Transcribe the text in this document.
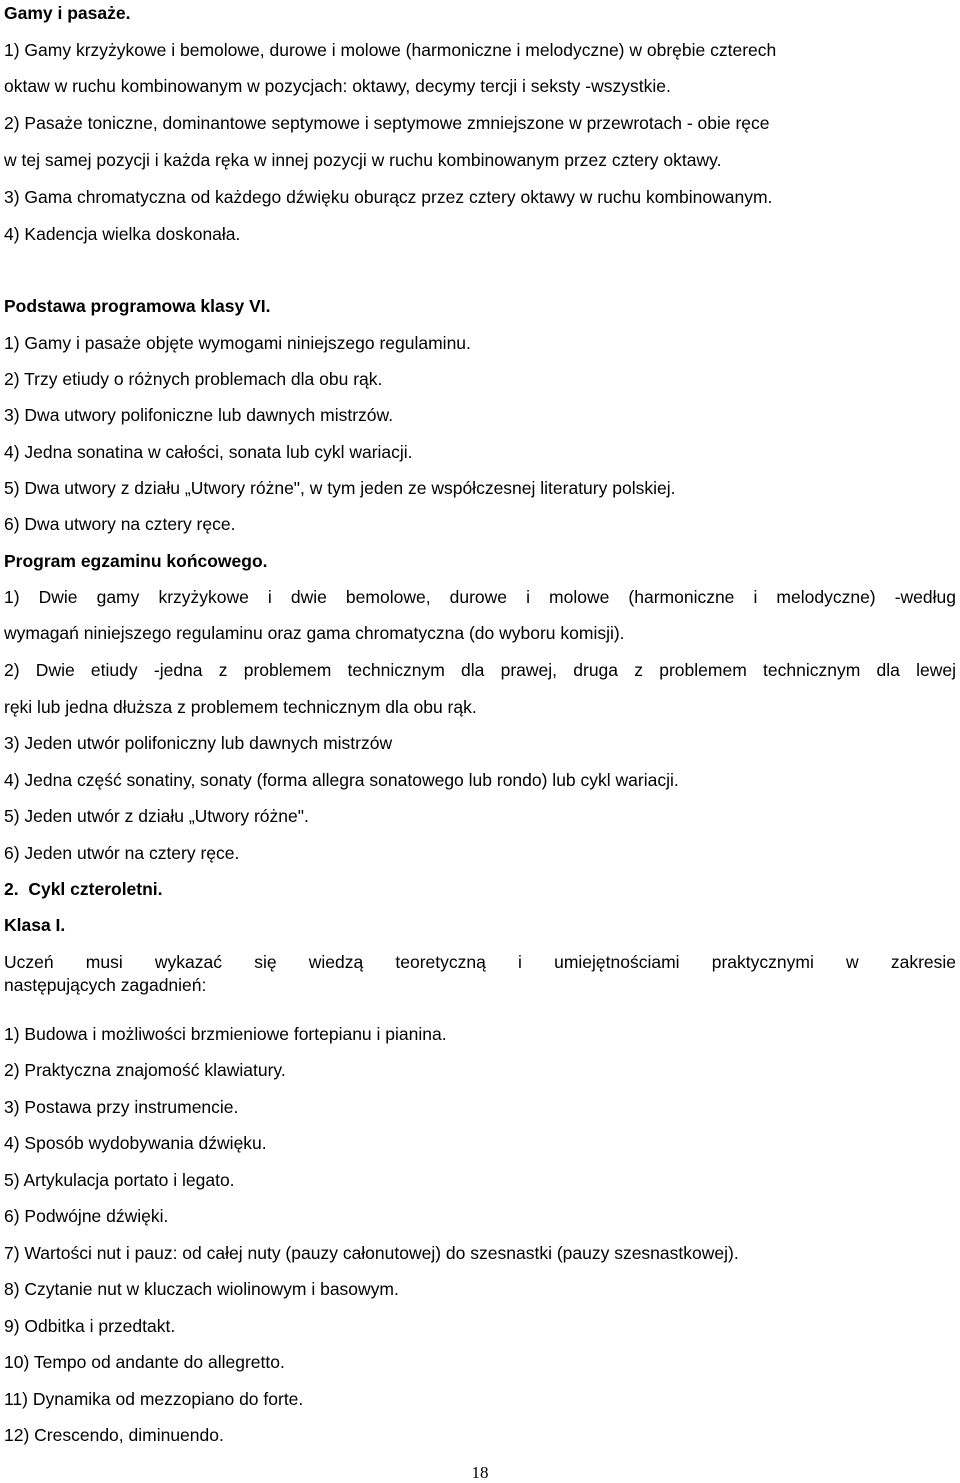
Gamy i pasaże.
1) Gamy krzyżykowe i bemolowe, durowe i molowe (harmoniczne i melodyczne) w obrębie czterech
oktaw w ruchu kombinowanym w pozycjach: oktawy, decymy tercji i seksty -wszystkie.
2) Pasaże toniczne, dominantowe septymowe i septymowe zmniejszone w przewrotach - obie ręce
w tej samej pozycji i każda ręka w innej pozycji w ruchu kombinowanym przez cztery oktawy.
3) Gama chromatyczna od każdego dźwięku oburącz przez cztery oktawy w ruchu kombinowanym.
4) Kadencja wielka doskonała.
Podstawa programowa klasy VI.
1) Gamy i pasaże objęte wymogami niniejszego regulaminu.
2) Trzy etiudy o różnych problemach dla obu rąk.
3) Dwa utwory polifoniczne lub dawnych mistrzów.
4) Jedna sonatina w całości, sonata lub cykl wariacji.
5) Dwa utwory z działu „Utwory różne", w tym jeden ze współczesnej literatury polskiej.
6) Dwa utwory na cztery ręce.
Program egzaminu końcowego.
1) Dwie gamy krzyżykowe i dwie bemolowe, durowe i molowe (harmoniczne i melodyczne) -według
wymagań niniejszego regulaminu oraz gama chromatyczna (do wyboru komisji).
2) Dwie etiudy -jedna z problemem technicznym dla prawej, druga z problemem technicznym dla lewej
ręki lub jedna dłuższa z problemem technicznym dla obu rąk.
3) Jeden utwór polifoniczny lub dawnych mistrzów
4) Jedna część sonatiny, sonaty (forma allegra sonatowego lub rondo) lub cykl wariacji.
5) Jeden utwór z działu „Utwory różne".
6) Jeden utwór na cztery ręce.
2.  Cykl czteroletni.
Klasa I.
Uczeń musi wykazać się wiedzą teoretyczną i umiejętnościami praktycznymi w zakresie
następujących zagadnień:
1) Budowa i możliwości brzmieniowe fortepianu i pianina.
2) Praktyczna znajomość klawiatury.
3) Postawa przy instrumencie.
4) Sposób wydobywania dźwięku.
5) Artykulacja portato i legato.
6) Podwójne dźwięki.
7) Wartości nut i pauz: od całej nuty (pauzy całonutowej) do szesnastki (pauzy szesnastkowej).
8) Czytanie nut w kluczach wiolinowym i basowym.
9) Odbitka i przedtakt.
10) Tempo od andante do allegretto.
11) Dynamika od mezzopiano do forte.
12) Crescendo, diminuendo.
18
